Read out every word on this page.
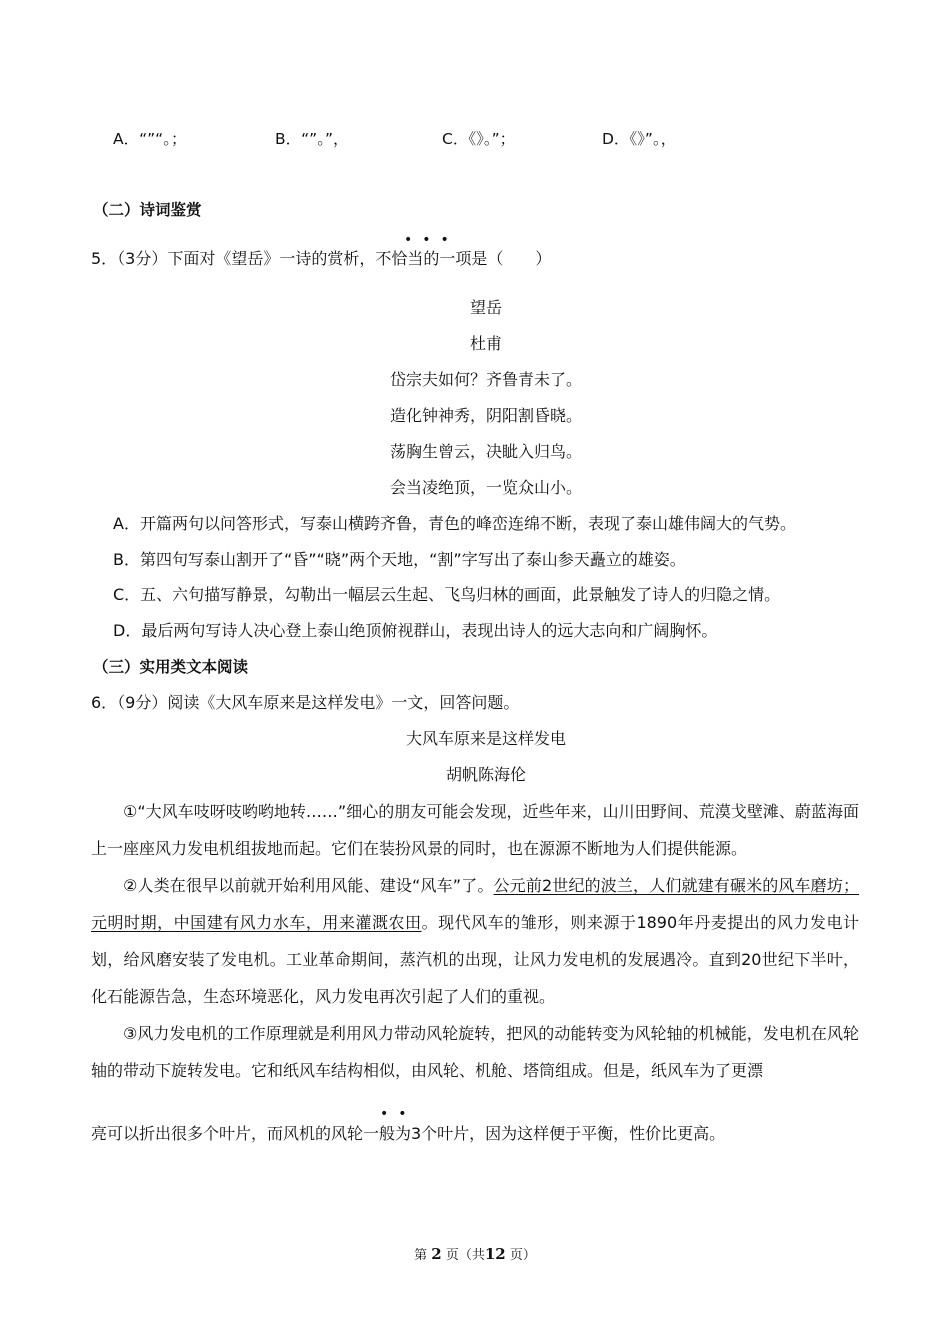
A．“”“。；	B．“”。”，	C．《》。”；	D．《》”。，
（二）诗词鉴赏
•••
5．（3分）下面对《望岳》一诗的赏析，不恰当的一项是（　　）
望岳
杜甫
岱宗夫如何？齐鲁青未了。
造化钟神秀，阴阳割昏晓。
荡胸生曾云，决眦入归鸟。
会当凌绝顶，一览众山小。
A．开篇两句以问答形式，写泰山横跨齐鲁，青色的峰峦连绵不断，表现了泰山雄伟阔大的气势。
B．第四句写泰山割开了“昏”“晓”两个天地，“割”字写出了泰山参天矗立的雄姿。
C．五、六句描写静景，勾勒出一幅层云生起、飞鸟归林的画面，此景触发了诗人的归隐之情。
D．最后两句写诗人决心登上泰山绝顶俯视群山，表现出诗人的远大志向和广阔胸怀。
（三）实用类文本阅读
6．（9分）阅读《大风车原来是这样发电》一文，回答问题。
大风车原来是这样发电
胡帆陈海伦
①“大风车吱呀吱哟哟地转……”细心的朋友可能会发现，近些年来，山川田野间、荒漠戈壁滩、蔚蓝海面上一座座风力发电机组拔地而起。它们在装扮风景的同时，也在源源不断地为人们提供能源。
②人类在很早以前就开始利用风能、建设“风车”了。公元前2世纪的波兰，人们就建有碾米的风车磨坊；元明时期，中国建有风力水车，用来灌溉农田。现代风车的雏形，则来源于1890年丹麦提出的风力发电计划，给风磨安装了发电机。工业革命期间，蒸汽机的出现，让风力发电机的发展遇冷。直到20世纪下半叶，化石能源告急，生态环境恶化，风力发电再次引起了人们的重视。
③风力发电机的工作原理就是利用风力带动风轮旋转，把风的动能转变为风轮轴的机械能，发电机在风轮轴的带动下旋转发电。它和纸风车结构相似，由风轮、机舱、塔筒组成。但是，纸风车为了更漂
••
亮可以折出很多个叶片，而风机的风轮一般为3个叶片，因为这样便于平衡，性价比更高。
第 2 页（共12 页）
